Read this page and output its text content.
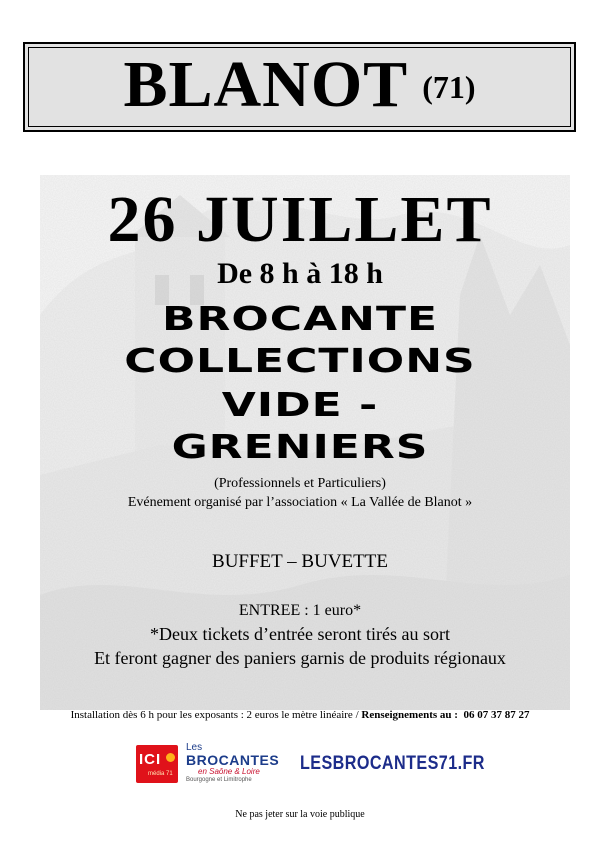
BLANOT (71)
26 JUILLET
De 8 h à 18 h
BROCANTE
COLLECTIONS
VIDE -
GRENIERS
(Professionnels et Particuliers)
Evénement organisé par l’association « La Vallée de Blanot »
BUFFET – BUVETTE
ENTREE : 1 euro*
*Deux tickets d’entrée seront tirés au sort
Et feront gagner des paniers garnis de produits régionaux
Installation dès 6 h pour les exposants : 2 euros le mètre linéaire / Renseignements au : 06 07 37 87 27
ICI
média 71
Les
BROCANTES
en Saône & Loire
Bourgogne et Limitrophe
LESBROCANTES71.FR
Ne pas jeter sur la voie publique
